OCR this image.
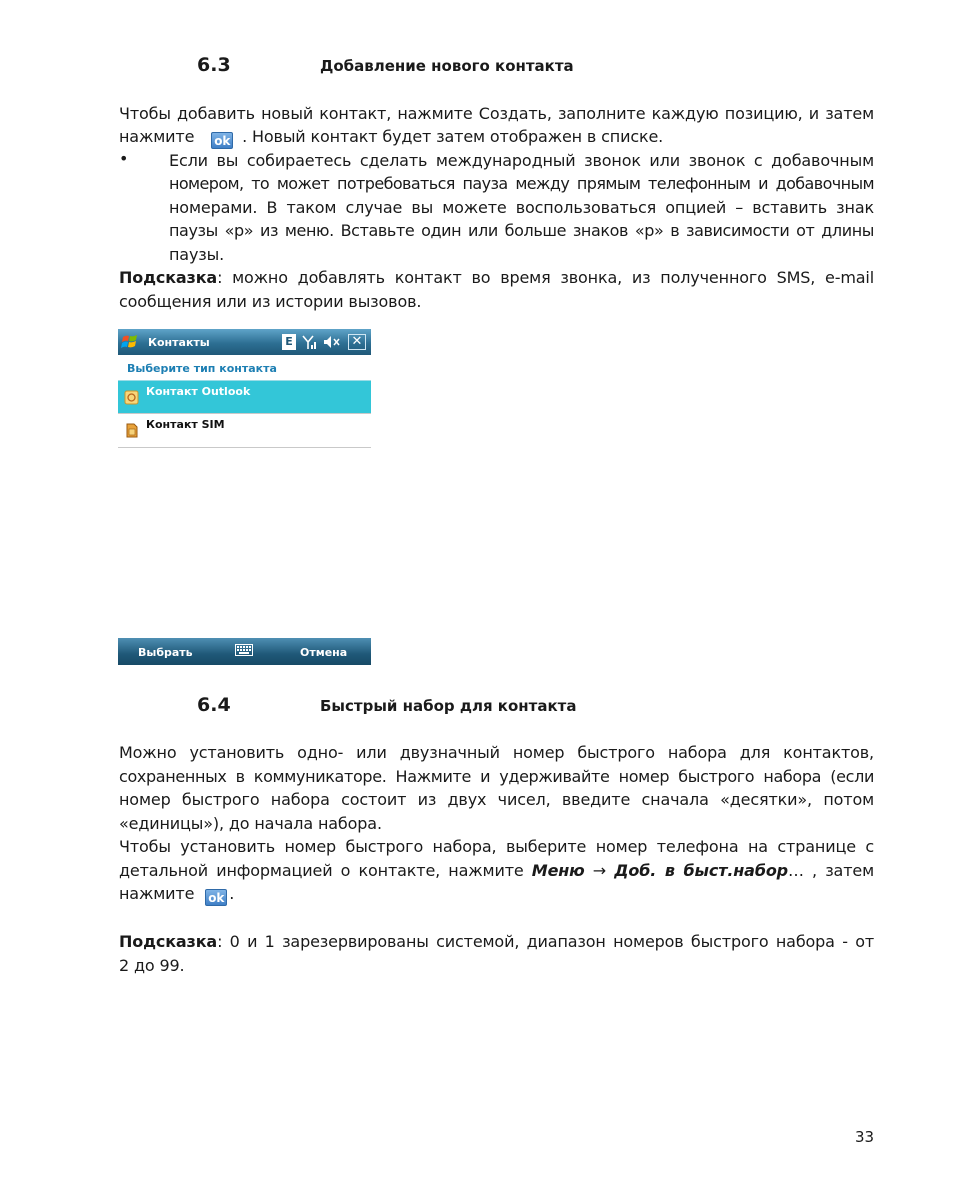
6.3	Добавление нового контакта
Чтобы добавить новый контакт, нажмите Создать, заполните каждую позицию, и затем
нажмите ok . Новый контакт будет затем отображен в списке.
•	Если вы собираетесь сделать международный звонок или звонок с добавочным
номером, то может потребоваться пауза между прямым телефонным и добавочным
номерами. В таком случае вы можете воспользоваться опцией – вставить знак
паузы «р» из меню. Вставьте один или больше знаков «р» в зависимости от длины
паузы.
Подсказка: можно добавлять контакт во время звонка, из полученного SMS, e-mail
сообщения или из истории вызовов.
Контакты	E	✕
Выберите тип контакта
Контакт Outlook
Контакт SIM
Выбрать	Отмена
6.4	Быстрый набор для контакта
Можно установить одно- или двузначный номер быстрого набора для контактов,
сохраненных в коммуникаторе. Нажмите и удерживайте номер быстрого набора (если
номер быстрого набора состоит из двух чисел, введите сначала «десятки», потом
«единицы»), до начала набора.
Чтобы установить номер быстрого набора, выберите номер телефона на странице с
детальной информацией о контакте, нажмите Меню → Доб. в быст.набор… , затем
нажмите ok .
Подсказка: 0 и 1 зарезервированы системой, диапазон номеров быстрого набора - от
2 до 99.
33
